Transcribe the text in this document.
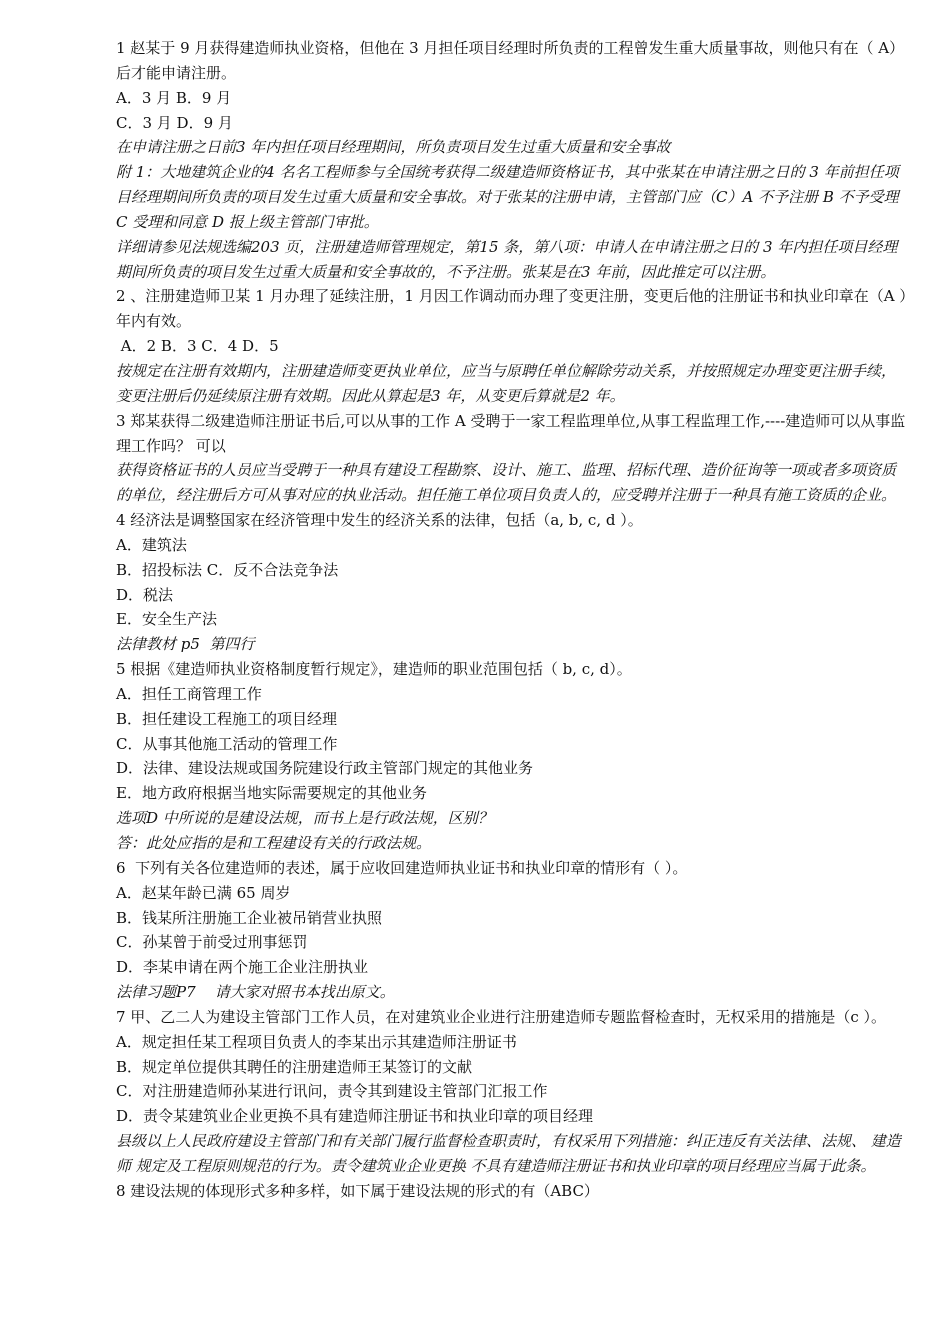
1 赵某于 9 月获得建造师执业资格，但他在 3 月担任项目经理时所负责的工程曾发生重大质量事故，则他只有在（ A）后才能申请注册。
A．3 月 B．9 月
C．3 月 D．9 月
在申请注册之日前3 年内担任项目经理期间，所负责项目发生过重大质量和安全事故
附 1：大地建筑企业的4 名名工程师参与全国统考获得二级建造师资格证书，其中张某在申请注册之日的 3 年前担任项目经理期间所负责的项目发生过重大质量和安全事故。对于张某的注册申请，主管部门应（C）A 不予注册 B 不予受理 C 受理和同意 D 报上级主管部门审批。
详细请参见法规选编203 页，注册建造师管理规定，第15 条，第八项：申请人在申请注册之日的 3 年内担任项目经理期间所负责的项目发生过重大质量和安全事故的，不予注册。张某是在3 年前，因此推定可以注册。
2 、注册建造师卫某 1 月办理了延续注册，1 月因工作调动而办理了变更注册，变更后他的注册证书和执业印章在（A ）年内有效。
A．2 B．3 C．4 D．5
按规定在注册有效期内，注册建造师变更执业单位，应当与原聘任单位解除劳动关系，并按照规定办理变更注册手续，变更注册后仍延续原注册有效期。因此从算起是3 年，从变更后算就是2 年。
3 郑某获得二级建造师注册证书后,可以从事的工作 A 受聘于一家工程监理单位,从事工程监理工作,----建造师可以从事监理工作吗？ 可以
获得资格证书的人员应当受聘于一种具有建设工程勘察、设计、施工、监理、招标代理、造价征询等一项或者多项资质的单位，经注册后方可从事对应的执业活动。担任施工单位项目负责人的，应受聘并注册于一种具有施工资质的企业。
4 经济法是调整国家在经济管理中发生的经济关系的法律，包括（a, b, c, d ）。
A．建筑法
B．招投标法 C．反不合法竞争法
D．税法
E．安全生产法
法律教材 p5  第四行
5 根据《建造师执业资格制度暂行规定》，建造师的职业范围包括（ b, c, d）。
A．担任工商管理工作
B．担任建设工程施工的项目经理
C．从事其他施工活动的管理工作
D．法律、建设法规或国务院建设行政主管部门规定的其他业务
E．地方政府根据当地实际需要规定的其他业务
选项D 中所说的是建设法规，而书上是行政法规，区别？
答：此处应指的是和工程建设有关的行政法规。
6  下列有关各位建造师的表述，属于应收回建造师执业证书和执业印章的情形有（ ）。
A．赵某年龄已满 65 周岁
B．钱某所注册施工企业被吊销营业执照
C．孙某曾于前受过刑事惩罚
D．李某申请在两个施工企业注册执业
法律习题P7    请大家对照书本找出原文。
7 甲、乙二人为建设主管部门工作人员，在对建筑业企业进行注册建造师专题监督检查时，无权采用的措施是（c ）。
A．规定担任某工程项目负责人的李某出示其建造师注册证书
B．规定单位提供其聘任的注册建造师王某签订的文献
C．对注册建造师孙某进行讯问，责令其到建设主管部门汇报工作
D．责令某建筑业企业更换不具有建造师注册证书和执业印章的项目经理
县级以上人民政府建设主管部门和有关部门履行监督检查职责时，有权采用下列措施：纠正违反有关法律、法规、 建造师 规定及工程原则规范的行为。责令建筑业企业更换 不具有建造师注册证书和执业印章的项目经理应当属于此条。
8 建设法规的体现形式多种多样，如下属于建设法规的形式的有（ABC）
